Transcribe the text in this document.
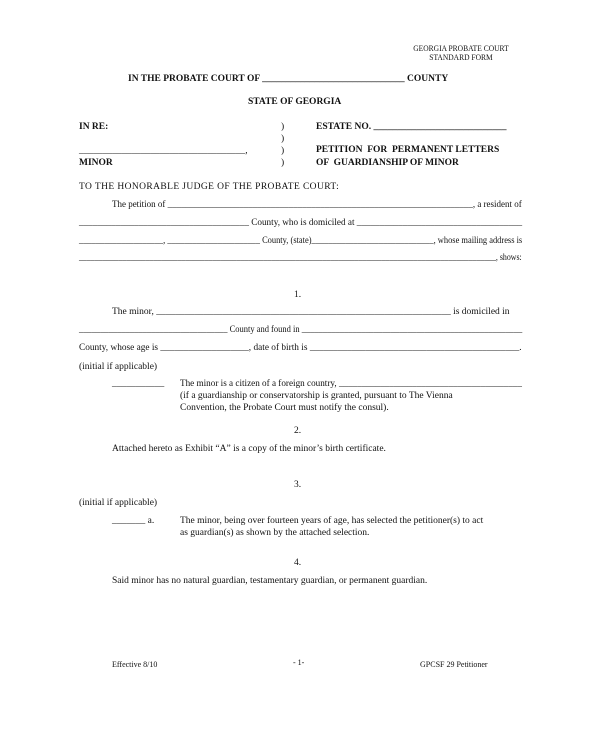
GEORGIA PROBATE COURT
STANDARD FORM
IN THE PROBATE COURT OF ______________________________ COUNTY
STATE OF GEORGIA
IN RE:	)	ESTATE NO. ____________________________
)
___________________________________,	)	PETITION  FOR  PERMANENT LETTERS
MINOR	)	OF  GUARDIANSHIP OF MINOR
TO THE HONORABLE JUDGE OF THE PROBATE COURT:
The petition of ____________________________________________________________________, a resident of
_____________________________________ County, who is domiciled at ____________________________________
____________________, ______________________ County, (state)_____________________________, whose mailing address is
__________________________________________________________________________________________________________, shows:
1.
The minor, ______________________________________________________________ is domiciled in
___________________________________ County and found in ____________________________________________________
County, whose age is ___________________, date of birth is _____________________________________________.
(initial if applicable)
___________ The minor is a citizen of a foreign country, ________________________________________
(if a guardianship or conservatorship is granted, pursuant to The Vienna
Convention, the Probate Court must notify the consul).
2.
Attached hereto as Exhibit “A” is a copy of the minor’s birth certificate.
3.
(initial if applicable)
_______ a.	The minor, being over fourteen years of age, has selected the petitioner(s) to act
as guardian(s) as shown by the attached selection.
4.
Said minor has no natural guardian, testamentary guardian, or permanent guardian.
Effective 8/10	- 1-	GPCSF 29 Petitioner
